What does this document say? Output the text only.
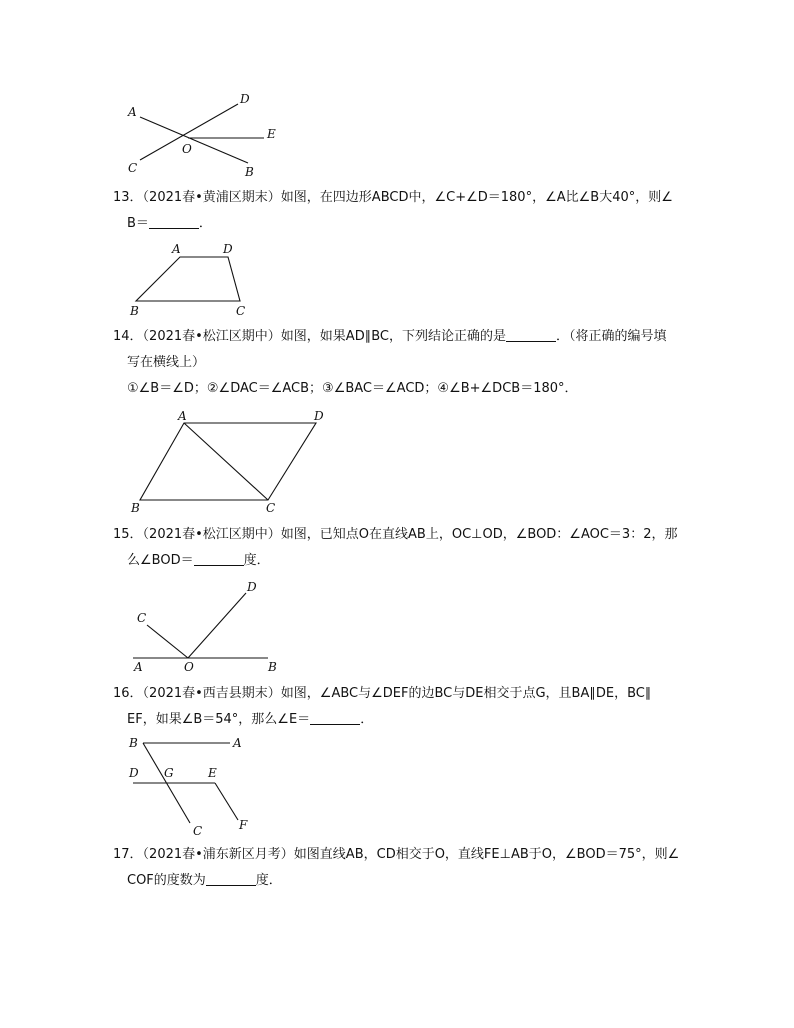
A
D
E
O
C	B
13．（2021春•黄浦区期末）如图，在四边形ABCD中，∠C+∠D＝180°，∠A比∠B大40°，则∠
B＝	．
A	D
B	C
14．（2021春•松江区期中）如图，如果AD∥BC，下列结论正确的是	．（将正确的编号填
写在横线上）
①∠B＝∠D；②∠DAC＝∠ACB；③∠BAC＝∠ACD；④∠B+∠DCB＝180°．
A	D
B	C
15．（2021春•松江区期中）如图，已知点O在直线AB上，OC⊥OD，∠BOD：∠AOC＝3：2，那
么∠BOD＝	度．
C
D
A	O	B
16．（2021春•西吉县期末）如图，∠ABC与∠DEF的边BC与DE相交于点G，且BA∥DE，BC∥
EF，如果∠B＝54°，那么∠E＝	．
B	A
D G	E
F
C
17．（2021春•浦东新区月考）如图直线AB，CD相交于O，直线FE⊥AB于O，∠BOD＝75°，则∠
COF的度数为	度．
